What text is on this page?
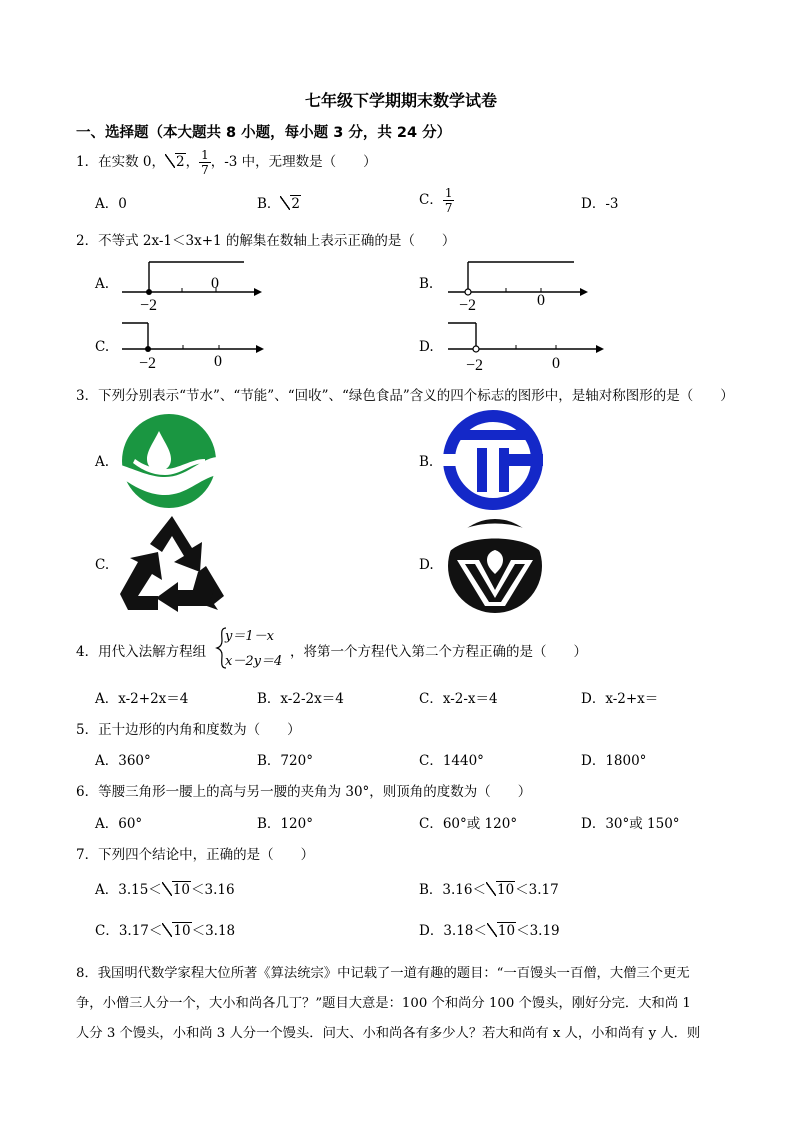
七年级下学期期末数学试卷
一、选择题（本大题共 8 小题，每小题 3 分，共 24 分）
1．在实数 0， 2， $\frac{1}{7}$ ，-3 中，无理数是（　　）
A．0	B． 2	C． $\frac{1}{7}$	D．-3
2．不等式 2x-1＜3x+1 的解集在数轴上表示正确的是（　　）
A.
−2
0	B.
−2	0
C.
−2	0
D.
−2	0
3．下列分别表示“节水”、“节能”、“回收”、“绿色食品”含义的四个标志的图形中，是轴对称图形的是（　　）
A.	B.
C.	D.
4．用代入法解方程组
y＝1－x
x－2y＝4
，将第一个方程代入第二个方程正确的是（　　）
A．x-2+2x＝4	B．x-2-2x＝4	C．x-2-x＝4	D．x-2+x＝
5．正十边形的内角和度数为（　　）
A．360°	B．720°	C．1440°	D．1800°
6．等腰三角形一腰上的高与另一腰的夹角为 30°，则顶角的度数为（　　）
A．60°	B．120°	C．60°或 120°	D．30°或 150°
7．下列四个结论中，正确的是（　　）
A．3.15＜ 10＜3.16	B．3.16＜ 10＜3.17
C．3.17＜ 10＜3.18	D．3.18＜ 10＜3.19
8．我国明代数学家程大位所著《算法统宗》中记载了一道有趣的题目：“一百馒头一百僧，大僧三个更无
争，小僧三人分一个，大小和尚各几丁？”题目大意是：100 个和尚分 100 个馒头，刚好分完．大和尚 1
人分 3 个馒头，小和尚 3 人分一个馒头．问大、小和尚各有多少人？若大和尚有 x 人，小和尚有 y 人．则
